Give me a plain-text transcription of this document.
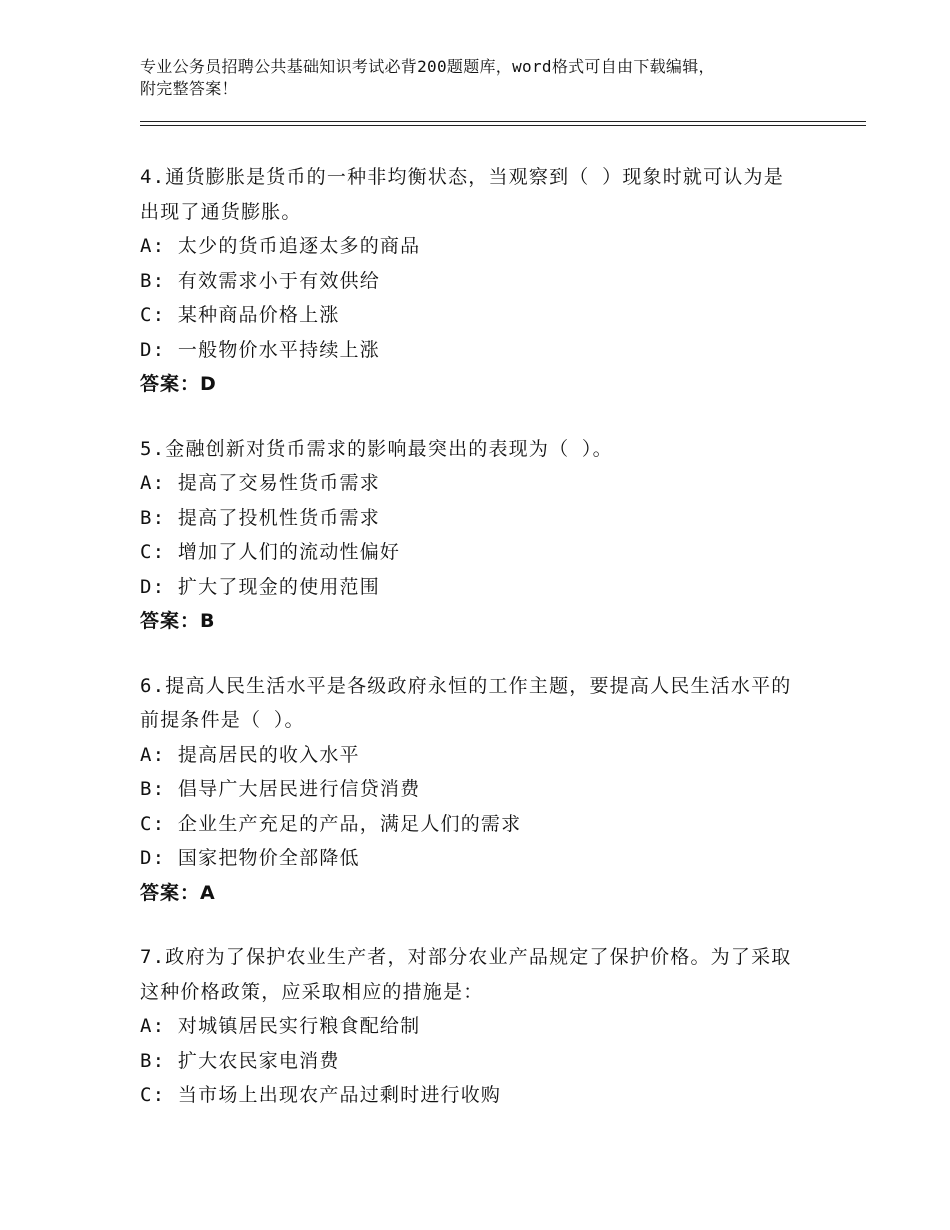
专业公务员招聘公共基础知识考试必背200题题库，word格式可自由下载编辑，
附完整答案！

4.通货膨胀是货币的一种非均衡状态，当观察到（ ）现象时就可认为是出现了通货膨胀。

A: 太少的货币追逐太多的商品

B: 有效需求小于有效供给

C: 某种商品价格上涨

D: 一般物价水平持续上涨

答案：D

5.金融创新对货币需求的影响最突出的表现为（ ）。

A: 提高了交易性货币需求

B: 提高了投机性货币需求

C: 增加了人们的流动性偏好

D: 扩大了现金的使用范围

答案：B

6.提高人民生活水平是各级政府永恒的工作主题，要提高人民生活水平的前提条件是（ ）。

A: 提高居民的收入水平

B: 倡导广大居民进行信贷消费

C: 企业生产充足的产品，满足人们的需求

D: 国家把物价全部降低

答案：A

7.政府为了保护农业生产者，对部分农业产品规定了保护价格。为了采取这种价格政策，应采取相应的措施是：

A: 对城镇居民实行粮食配给制

B: 扩大农民家电消费

C: 当市场上出现农产品过剩时进行收购
